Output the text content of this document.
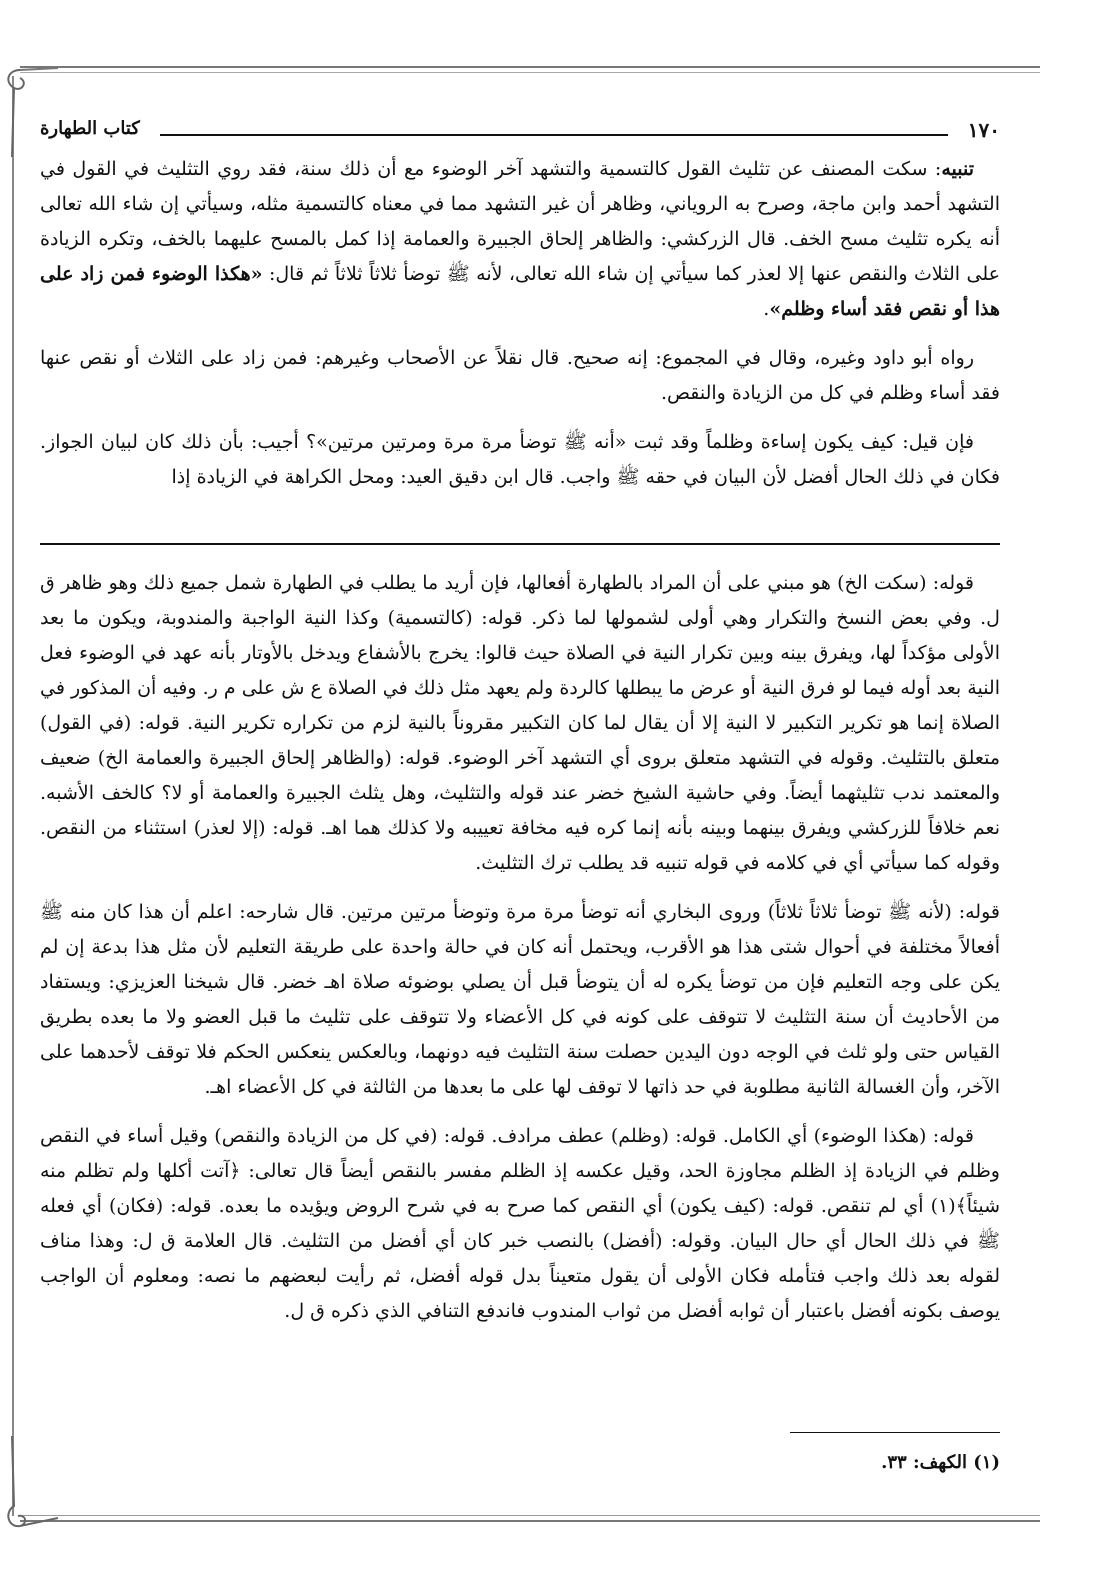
١٧٠
كتاب الطهارة

تنبيه: سكت المصنف عن تثليث القول كالتسمية والتشهد آخر الوضوء مع أن ذلك سنة، فقد روي التثليث في القول في التشهد أحمد وابن ماجة، وصرح به الروياني، وظاهر أن غير التشهد مما في معناه كالتسمية مثله، وسيأتي إن شاء الله تعالى أنه يكره تثليث مسح الخف. قال الزركشي: والظاهر إلحاق الجبيرة والعمامة إذا كمل بالمسح عليهما بالخف، وتكره الزيادة على الثلاث والنقص عنها إلا لعذر كما سيأتي إن شاء الله تعالى، لأنه ﷺ توضأ ثلاثاً ثلاثاً ثم قال: «هكذا الوضوء فمن زاد على هذا أو نقص فقد أساء وظلم».

رواه أبو داود وغيره، وقال في المجموع: إنه صحيح. قال نقلاً عن الأصحاب وغيرهم: فمن زاد على الثلاث أو نقص عنها فقد أساء وظلم في كل من الزيادة والنقص.

فإن قيل: كيف يكون إساءة وظلماً وقد ثبت «أنه ﷺ توضأ مرة مرة ومرتين مرتين»؟ أجيب: بأن ذلك كان لبيان الجواز. فكان في ذلك الحال أفضل لأن البيان في حقه ﷺ واجب. قال ابن دقيق العيد: ومحل الكراهة في الزيادة إذا

قوله: (سكت الخ) هو مبني على أن المراد بالطهارة أفعالها، فإن أريد ما يطلب في الطهارة شمل جميع ذلك وهو ظاهر ق ل. وفي بعض النسخ والتكرار وهي أولى لشمولها لما ذكر. قوله: (كالتسمية) وكذا النية الواجبة والمندوبة، ويكون ما بعد الأولى مؤكداً لها، ويفرق بينه وبين تكرار النية في الصلاة حيث قالوا: يخرج بالأشفاع ويدخل بالأوتار بأنه عهد في الوضوء فعل النية بعد أوله فيما لو فرق النية أو عرض ما يبطلها كالردة ولم يعهد مثل ذلك في الصلاة ع ش على م ر. وفيه أن المذكور في الصلاة إنما هو تكرير التكبير لا النية إلا أن يقال لما كان التكبير مقروناً بالنية لزم من تكراره تكرير النية. قوله: (في القول) متعلق بالتثليث. وقوله في التشهد متعلق بروى أي التشهد آخر الوضوء. قوله: (والظاهر إلحاق الجبيرة والعمامة الخ) ضعيف والمعتمد ندب تثليثهما أيضاً. وفي حاشية الشيخ خضر عند قوله والتثليث، وهل يثلث الجبيرة والعمامة أو لا؟ كالخف الأشبه. نعم خلافاً للزركشي ويفرق بينهما وبينه بأنه إنما كره فيه مخافة تعييبه ولا كذلك هما اهـ. قوله: (إلا لعذر) استثناء من النقص. وقوله كما سيأتي أي في كلامه في قوله تنبيه قد يطلب ترك التثليث.

قوله: (لأنه ﷺ توضأ ثلاثاً ثلاثاً) وروى البخاري أنه توضأ مرة مرة وتوضأ مرتين مرتين. قال شارحه: اعلم أن هذا كان منه ﷺ أفعالاً مختلفة في أحوال شتى هذا هو الأقرب، ويحتمل أنه كان في حالة واحدة على طريقة التعليم لأن مثل هذا بدعة إن لم يكن على وجه التعليم فإن من توضأ يكره له أن يتوضأ قبل أن يصلي بوضوئه صلاة اهـ خضر. قال شيخنا العزيزي: ويستفاد من الأحاديث أن سنة التثليث لا تتوقف على كونه في كل الأعضاء ولا تتوقف على تثليث ما قبل العضو ولا ما بعده بطريق القياس حتى ولو ثلث في الوجه دون اليدين حصلت سنة التثليث فيه دونهما، وبالعكس ينعكس الحكم فلا توقف لأحدهما على الآخر، وأن الغسالة الثانية مطلوبة في حد ذاتها لا توقف لها على ما بعدها من الثالثة في كل الأعضاء اهـ.

قوله: (هكذا الوضوء) أي الكامل. قوله: (وظلم) عطف مرادف. قوله: (في كل من الزيادة والنقص) وقيل أساء في النقص وظلم في الزيادة إذ الظلم مجاوزة الحد، وقيل عكسه إذ الظلم مفسر بالنقص أيضاً قال تعالى: ﴿آتت أكلها ولم تظلم منه شيئاً﴾(١) أي لم تنقص. قوله: (كيف يكون) أي النقص كما صرح به في شرح الروض ويؤيده ما بعده. قوله: (فكان) أي فعله ﷺ في ذلك الحال أي حال البيان. وقوله: (أفضل) بالنصب خبر كان أي أفضل من التثليث. قال العلامة ق ل: وهذا مناف لقوله بعد ذلك واجب فتأمله فكان الأولى أن يقول متعيناً بدل قوله أفضل، ثم رأيت لبعضهم ما نصه: ومعلوم أن الواجب يوصف بكونه أفضل باعتبار أن ثوابه أفضل من ثواب المندوب فاندفع التنافي الذي ذكره ق ل.

(١) الكهف: ٣٣.
